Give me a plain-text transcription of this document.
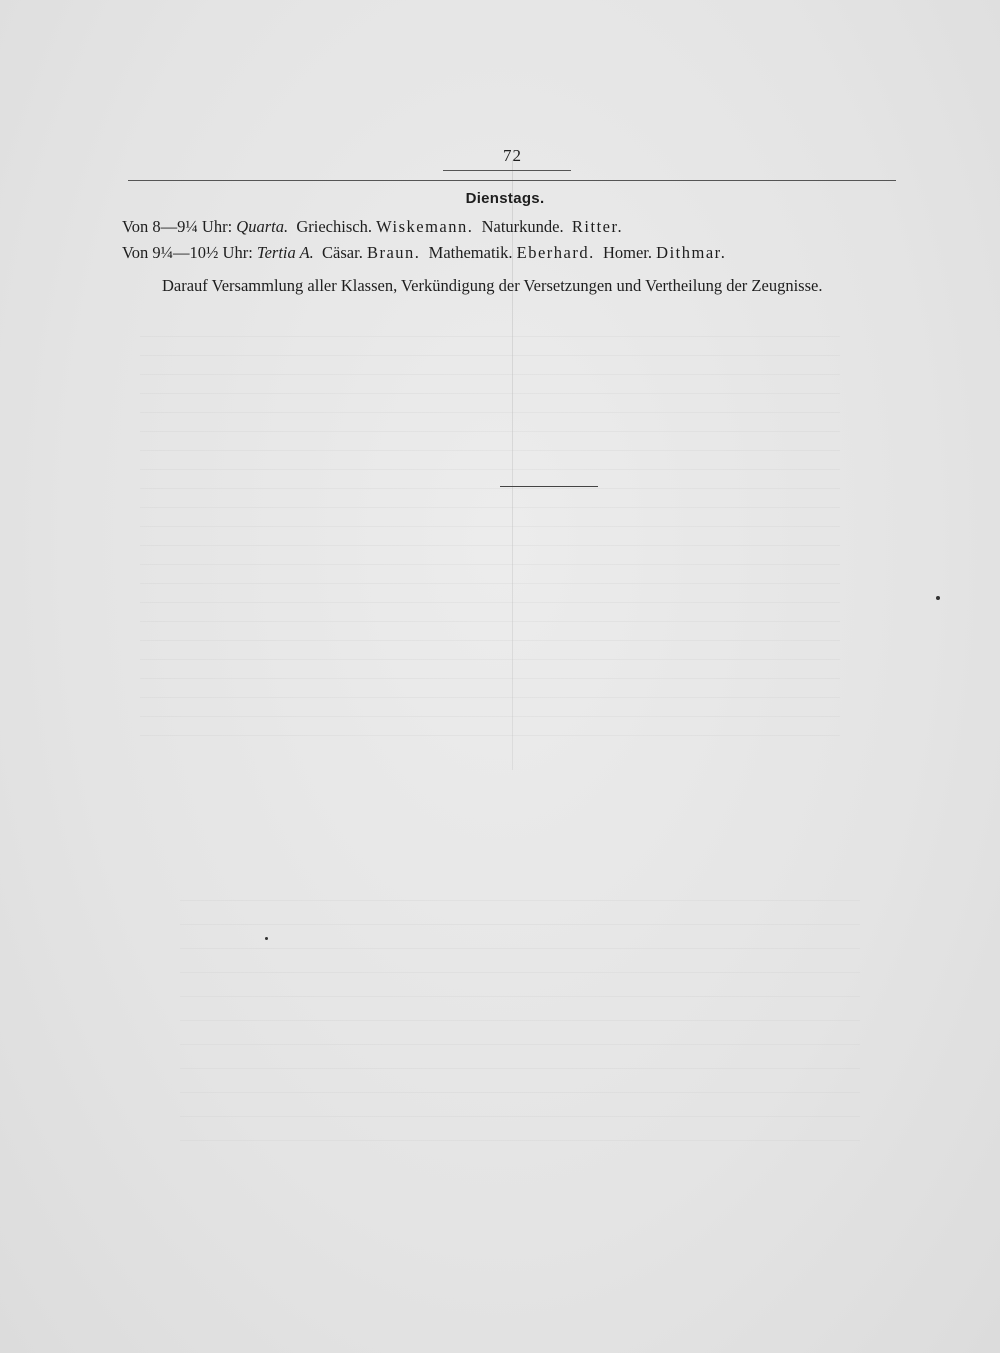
72
Dienstags.
Von 8—9¼ Uhr: Quarta. Griechisch. Wiskemann. Naturkunde. Ritter.
Von 9¼—10½ Uhr: Tertia A. Cäsar. Braun. Mathematik. Eberhard. Homer. Dithmar.
Darauf Versammlung aller Klassen, Verkündigung der Versetzungen und Vertheilung der Zeugnisse.
